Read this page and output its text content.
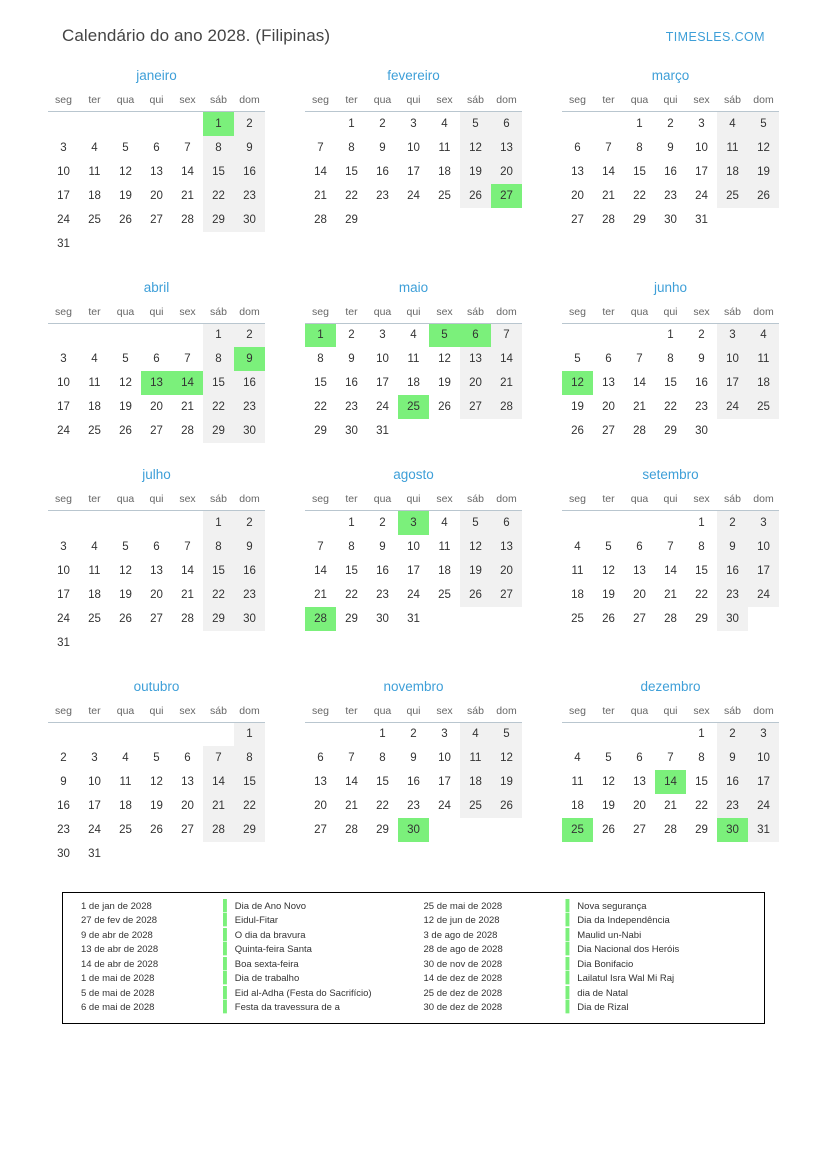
Calendário do ano 2028. (Filipinas)	TIMESLES.COM
janeiro
seg	ter	qua	qui	sex	sáb	dom
					1	2
3	4	5	6	7	8	9
10	11	12	13	14	15	16
17	18	19	20	21	22	23
24	25	26	27	28	29	30
31						
fevereiro
seg	ter	qua	qui	sex	sáb	dom
	1	2	3	4	5	6
7	8	9	10	11	12	13
14	15	16	17	18	19	20
21	22	23	24	25	26	27
28	29					
março
seg	ter	qua	qui	sex	sáb	dom
		1	2	3	4	5
6	7	8	9	10	11	12
13	14	15	16	17	18	19
20	21	22	23	24	25	26
27	28	29	30	31		
abril
seg	ter	qua	qui	sex	sáb	dom
					1	2
3	4	5	6	7	8	9
10	11	12	13	14	15	16
17	18	19	20	21	22	23
24	25	26	27	28	29	30
maio
seg	ter	qua	qui	sex	sáb	dom
1	2	3	4	5	6	7
8	9	10	11	12	13	14
15	16	17	18	19	20	21
22	23	24	25	26	27	28
29	30	31				
junho
seg	ter	qua	qui	sex	sáb	dom
			1	2	3	4
5	6	7	8	9	10	11
12	13	14	15	16	17	18
19	20	21	22	23	24	25
26	27	28	29	30		
julho
seg	ter	qua	qui	sex	sáb	dom
					1	2
3	4	5	6	7	8	9
10	11	12	13	14	15	16
17	18	19	20	21	22	23
24	25	26	27	28	29	30
31						
agosto
seg	ter	qua	qui	sex	sáb	dom
	1	2	3	4	5	6
7	8	9	10	11	12	13
14	15	16	17	18	19	20
21	22	23	24	25	26	27
28	29	30	31			
setembro
seg	ter	qua	qui	sex	sáb	dom
				1	2	3
4	5	6	7	8	9	10
11	12	13	14	15	16	17
18	19	20	21	22	23	24
25	26	27	28	29	30	
outubro
seg	ter	qua	qui	sex	sáb	dom
						1
2	3	4	5	6	7	8
9	10	11	12	13	14	15
16	17	18	19	20	21	22
23	24	25	26	27	28	29
30	31					
novembro
seg	ter	qua	qui	sex	sáb	dom
		1	2	3	4	5
6	7	8	9	10	11	12
13	14	15	16	17	18	19
20	21	22	23	24	25	26
27	28	29	30			
dezembro
seg	ter	qua	qui	sex	sáb	dom
				1	2	3
4	5	6	7	8	9	10
11	12	13	14	15	16	17
18	19	20	21	22	23	24
25	26	27	28	29	30	31
1 de jan de 2028	▌ Dia de Ano Novo
27 de fev de 2028	▌ Eidul-Fitar
9 de abr de 2028	▌ O dia da bravura
13 de abr de 2028	▌ Quinta-feira Santa
14 de abr de 2028	▌ Boa sexta-feira
1 de mai de 2028	▌ Dia de trabalho
5 de mai de 2028	▌ Eid al-Adha (Festa do Sacrifício)
6 de mai de 2028	▌ Festa da travessura de a
25 de mai de 2028	▌ Nova segurança
12 de jun de 2028	▌ Dia da Independência
3 de ago de 2028	▌ Maulid un-Nabi
28 de ago de 2028	▌ Dia Nacional dos Heróis
30 de nov de 2028	▌ Dia Bonifacio
14 de dez de 2028	▌ Lailatul Isra Wal Mi Raj
25 de dez de 2028	▌ dia de Natal
30 de dez de 2028	▌ Dia de Rizal
